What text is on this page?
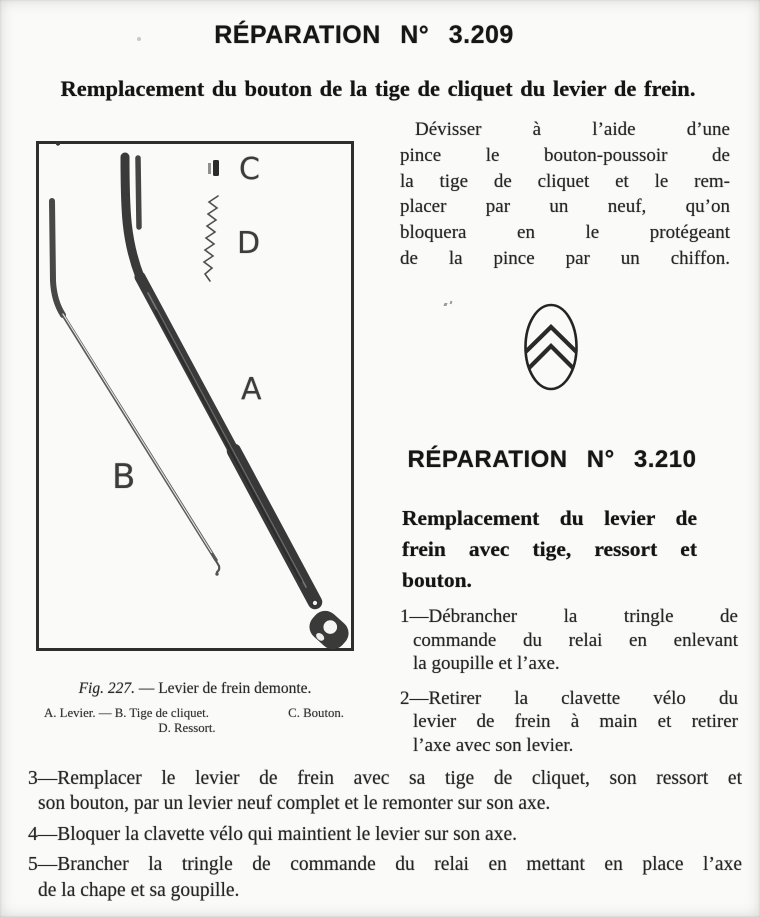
RÉPARATION N° 3.209
Remplacement du bouton de la tige de cliquet du levier de frein.
C
D
A
B
Fig. 227. — Levier de frein demonte.
A. Levier. — B. Tige de cliquet.	C. Bouton.
D. Ressort.
Dévisser à l’aide d’une
pince le bouton-poussoir de
la tige de cliquet et le rem-
placer par un neuf, qu’on
bloquera en le protégeant
de la pince par un chiffon.
RÉPARATION N° 3.210
Remplacement du levier de
frein avec tige, ressort et
bouton.
1—Débrancher la tringle de
commande du relai en enlevant
la goupille et l’axe.
2—Retirer la clavette vélo du
levier de frein à main et retirer
l’axe avec son levier.
3—Remplacer le levier de frein avec sa tige de cliquet, son ressort et
son bouton, par un levier neuf complet et le remonter sur son axe.
4—Bloquer la clavette vélo qui maintient le levier sur son axe.
5—Brancher la tringle de commande du relai en mettant en place l’axe
de la chape et sa goupille.
